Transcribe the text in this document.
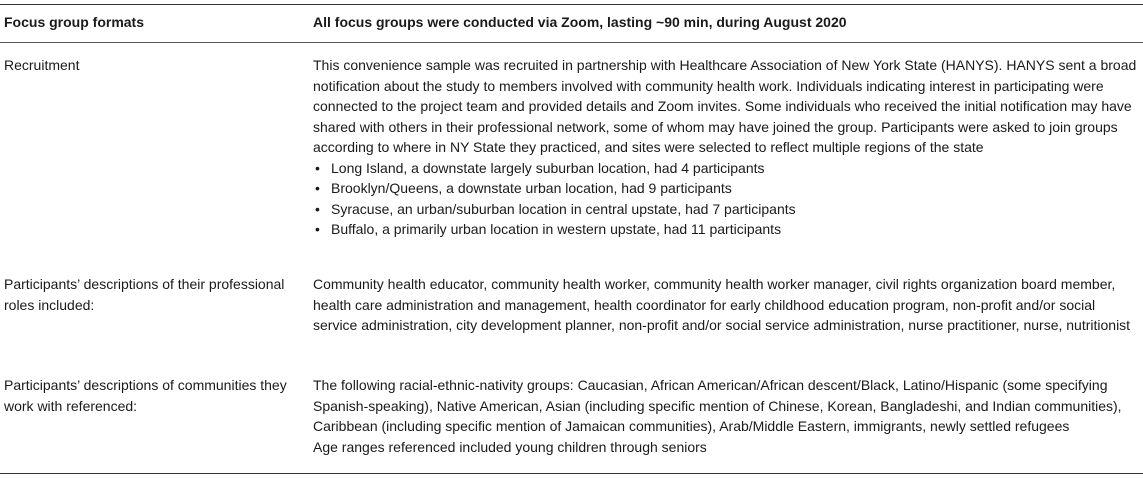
Focus group formats	All focus groups were conducted via Zoom, lasting ~90 min, during August 2020
Recruitment	This convenience sample was recruited in partnership with Healthcare Association of New York State (HANYS). HANYS sent a broad notification about the study to members involved with community health work. Individuals indicating interest in participating were connected to the project team and provided details and Zoom invites. Some individuals who received the initial notification may have shared with others in their professional network, some of whom may have joined the group. Participants were asked to join groups according to where in NY State they practiced, and sites were selected to reflect multiple regions of the state

• Long Island, a downstate largely suburban location, had 4 participants
• Brooklyn/Queens, a downstate urban location, had 9 participants
• Syracuse, an urban/suburban location in central upstate, had 7 participants
• Buffalo, a primarily urban location in western upstate, had 11 participants
Participants’ descriptions of their professional roles included:

Community health educator, community health worker, community health worker manager, civil rights organization board member, health care administration and management, health coordinator for early childhood education program, non-profit and/or social service administration, city development planner, non-profit and/or social service administration, nurse practitioner, nurse, nutritionist

Participants’ descriptions of communities they work with referenced:

The following racial-ethnic-nativity groups: Caucasian, African American/African descent/Black, Latino/Hispanic (some specifying Spanish-speaking), Native American, Asian (including specific mention of Chinese, Korean, Bangladeshi, and Indian communities), Caribbean (including specific mention of Jamaican communities), Arab/Middle Eastern, immigrants, newly settled refugees

Age ranges referenced included young children through seniors
